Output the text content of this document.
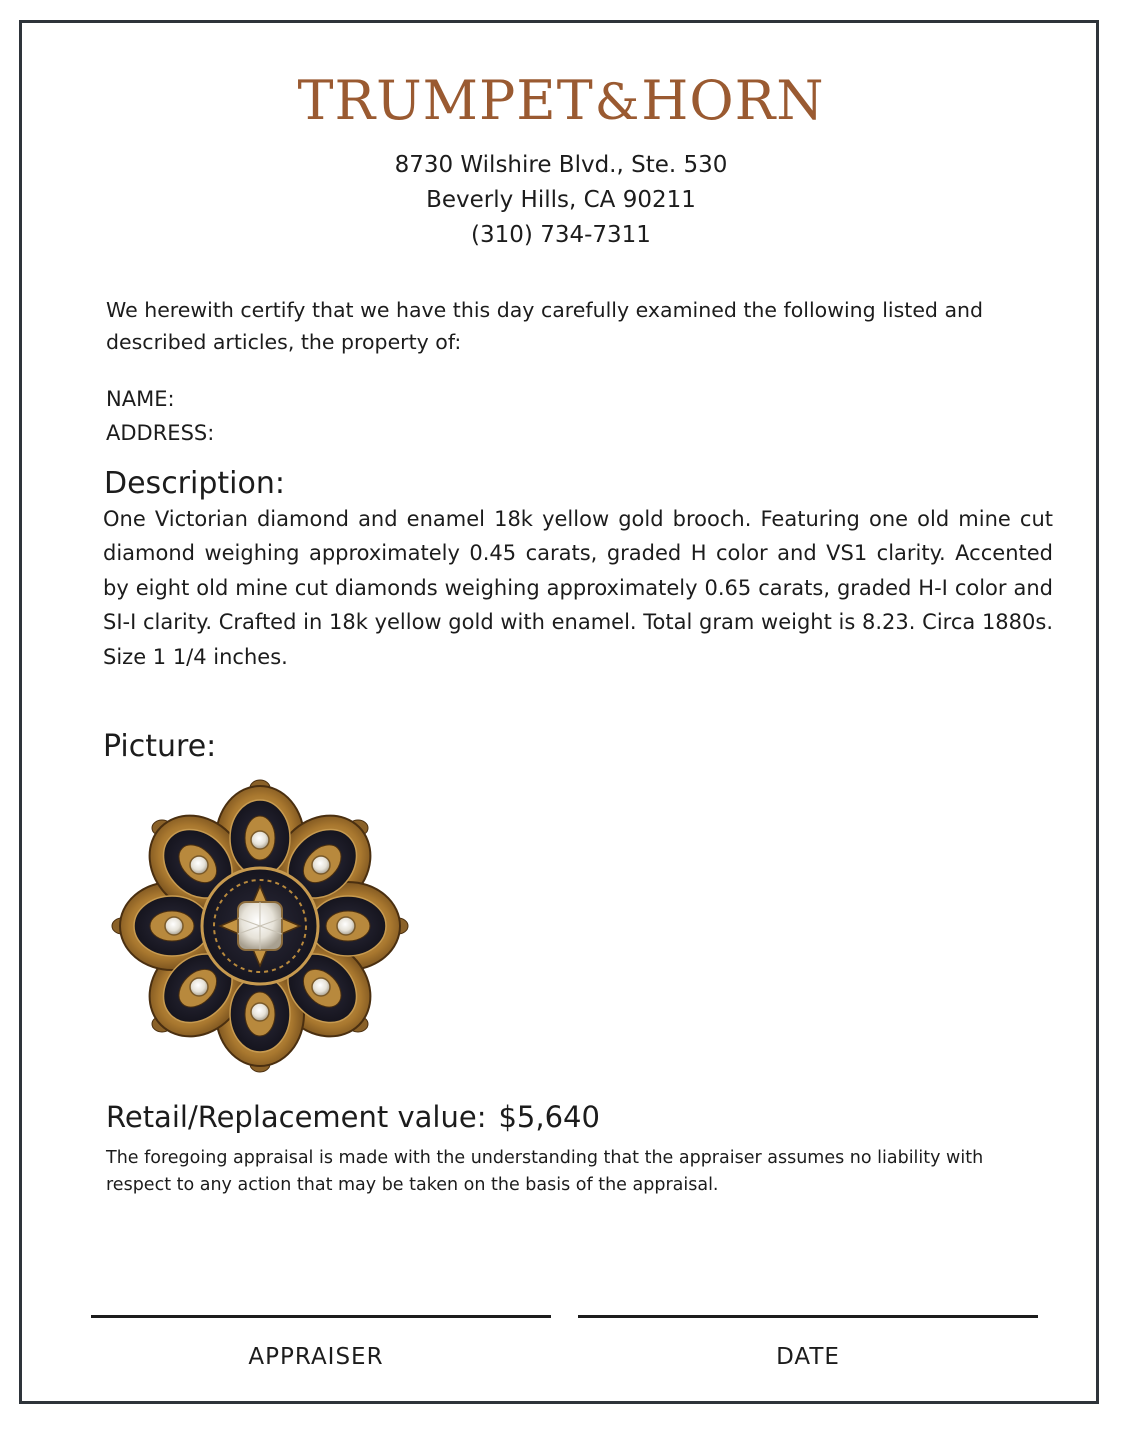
TRUMPET&HORN
8730 Wilshire Blvd., Ste. 530
Beverly Hills, CA 90211
(310) 734-7311
We herewith certify that we have this day carefully examined the following listed and described articles, the property of:
NAME:
ADDRESS:
Description:
One Victorian diamond and enamel 18k yellow gold brooch. Featuring one old mine cut diamond weighing approximately 0.45 carats, graded H color and VS1 clarity. Accented by eight old mine cut diamonds weighing approximately 0.65 carats, graded H-I color and SI-I clarity. Crafted in 18k yellow gold with enamel. Total gram weight is 8.23. Circa 1880s. Size 1 1/4 inches.
Picture:
Retail/Replacement value: $5,640
The foregoing appraisal is made with the understanding that the appraiser assumes no liability with respect to any action that may be taken on the basis of the appraisal.
APPRAISER	DATE
